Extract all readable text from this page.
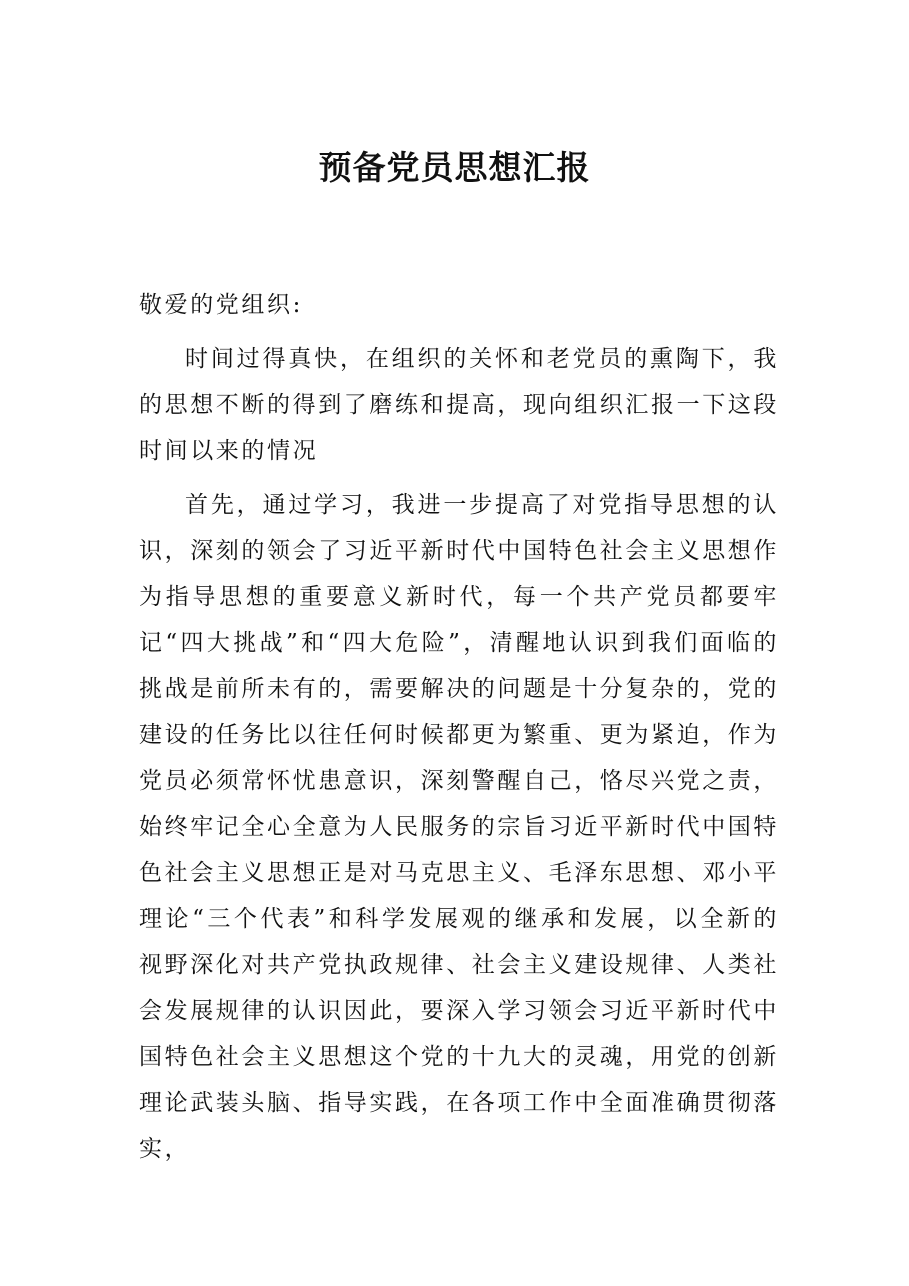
预备党员思想汇报

敬爱的党组织:

时间过得真快，在组织的关怀和老党员的熏陶下，我的思想不断的得到了磨练和提高，现向组织汇报一下这段时间以来的情况

首先，通过学习，我进一步提高了对党指导思想的认识，深刻的领会了习近平新时代中国特色社会主义思想作为指导思想的重要意义新时代，每一个共产党员都要牢记“四大挑战”和“四大危险”，清醒地认识到我们面临的挑战是前所未有的，需要解决的问题是十分复杂的，党的建设的任务比以往任何时候都更为繁重、更为紧迫，作为党员必须常怀忧患意识，深刻警醒自己，恪尽兴党之责，始终牢记全心全意为人民服务的宗旨习近平新时代中国特色社会主义思想正是对马克思主义、毛泽东思想、邓小平理论“三个代表”和科学发展观的继承和发展，以全新的视野深化对共产党执政规律、社会主义建设规律、人类社会发展规律的认识因此，要深入学习领会习近平新时代中国特色社会主义思想这个党的十九大的灵魂，用党的创新理论武装头脑、指导实践，在各项工作中全面准确贯彻落实，
